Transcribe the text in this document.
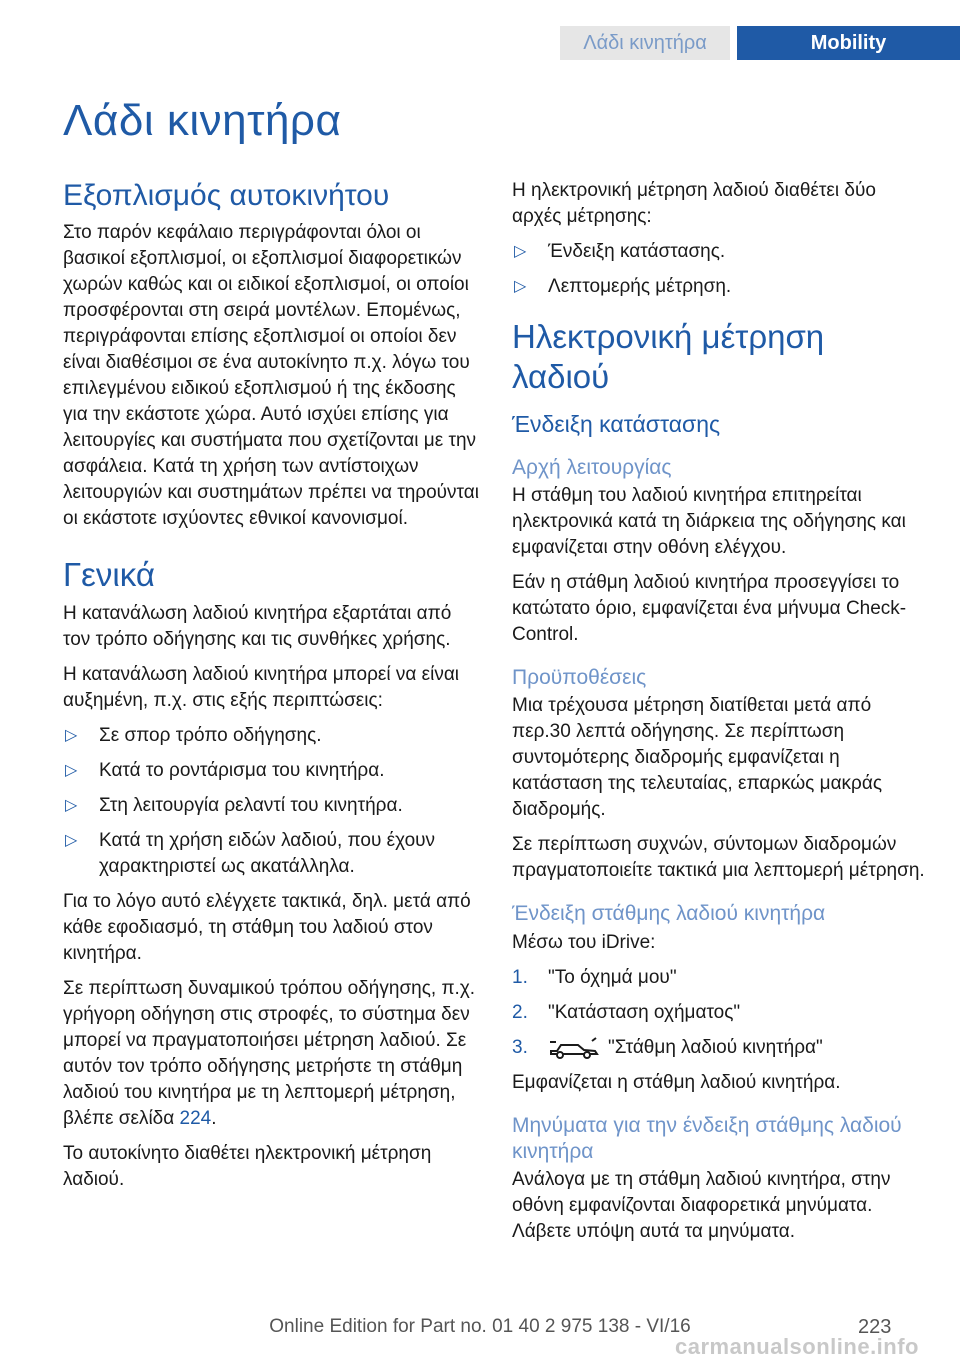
Λάδι κινητήρα	Mobility
Λάδι κινητήρα
Εξοπλισμός αυτοκινήτου

Στο παρόν κεφάλαιο περιγράφονται όλοι οι βασικοί εξοπλισμοί, οι εξοπλισμοί διαφορετικών χωρών καθώς και οι ειδικοί εξοπλισμοί, οι οποίοι προσφέρονται στη σειρά μοντέλων. Επομένως, περιγράφονται επίσης εξοπλισμοί οι οποίοι δεν είναι διαθέσιμοι σε ένα αυτοκίνητο π.χ. λόγω του επιλεγμένου ειδικού εξοπλισμού ή της έκδοσης για την εκάστοτε χώρα. Αυτό ισχύει επίσης για λειτουργίες και συστήματα που σχετίζονται με την ασφάλεια. Κατά τη χρήση των αντίστοιχων λειτουργιών και συστημάτων πρέπει να τηρούνται οι εκάστοτε ισχύοντες εθνικοί κανονισμοί.

Γενικά

Η κατανάλωση λαδιού κινητήρα εξαρτάται από τον τρόπο οδήγησης και τις συνθήκες χρήσης.

Η κατανάλωση λαδιού κινητήρα μπορεί να είναι αυξημένη, π.χ. στις εξής περιπτώσεις:

▷ Σε σπορ τρόπο οδήγησης.
▷ Κατά το ροντάρισμα του κινητήρα.
▷ Στη λειτουργία ρελαντί του κινητήρα.
▷ Κατά τη χρήση ειδών λαδιού, που έχουν χαρακτηριστεί ως ακατάλληλα.

Για το λόγο αυτό ελέγχετε τακτικά, δηλ. μετά από κάθε εφοδιασμό, τη στάθμη του λαδιού στον κινητήρα.

Σε περίπτωση δυναμικού τρόπου οδήγησης, π.χ. γρήγορη οδήγηση στις στροφές, το σύστημα δεν μπορεί να πραγματοποιήσει μέτρηση λαδιού. Σε αυτόν τον τρόπο οδήγησης μετρήστε τη στάθμη λαδιού του κινητήρα με τη λεπτομερή μέτρηση, βλέπε σελίδα 224.

Το αυτοκίνητο διαθέτει ηλεκτρονική μέτρηση λαδιού.

Η ηλεκτρονική μέτρηση λαδιού διαθέτει δύο αρχές μέτρησης:

▷ Ένδειξη κατάστασης.
▷ Λεπτομερής μέτρηση.
Ηλεκτρονική μέτρηση λαδιού
Ένδειξη κατάστασης
Αρχή λειτουργίας

Η στάθμη του λαδιού κινητήρα επιτηρείται ηλεκτρονικά κατά τη διάρκεια της οδήγησης και εμφανίζεται στην οθόνη ελέγχου.

Εάν η στάθμη λαδιού κινητήρα προσεγγίσει το κατώτατο όριο, εμφανίζεται ένα μήνυμα Check-Control.

Προϋποθέσεις

Μια τρέχουσα μέτρηση διατίθεται μετά από περ.30 λεπτά οδήγησης. Σε περίπτωση συντομότερης διαδρομής εμφανίζεται η κατάσταση της τελευταίας, επαρκώς μακράς διαδρομής.

Σε περίπτωση συχνών, σύντομων διαδρομών πραγματοποιείτε τακτικά μια λεπτομερή μέτρηση.

Ένδειξη στάθμης λαδιού κινητήρα

Μέσω του iDrive:

1. "Το όχημά μου"
2. "Κατάσταση οχήματος"
3.	"Στάθμη λαδιού κινητήρα"

Εμφανίζεται η στάθμη λαδιού κινητήρα.

Μηνύματα για την ένδειξη στάθμης λαδιού κινητήρα

Ανάλογα με τη στάθμη λαδιού κινητήρα, στην οθόνη εμφανίζονται διαφορετικά μηνύματα. Λάβετε υπόψη αυτά τα μηνύματα.

Online Edition for Part no. 01 40 2 975 138 - VI/16	223
carmanualsonline.info
